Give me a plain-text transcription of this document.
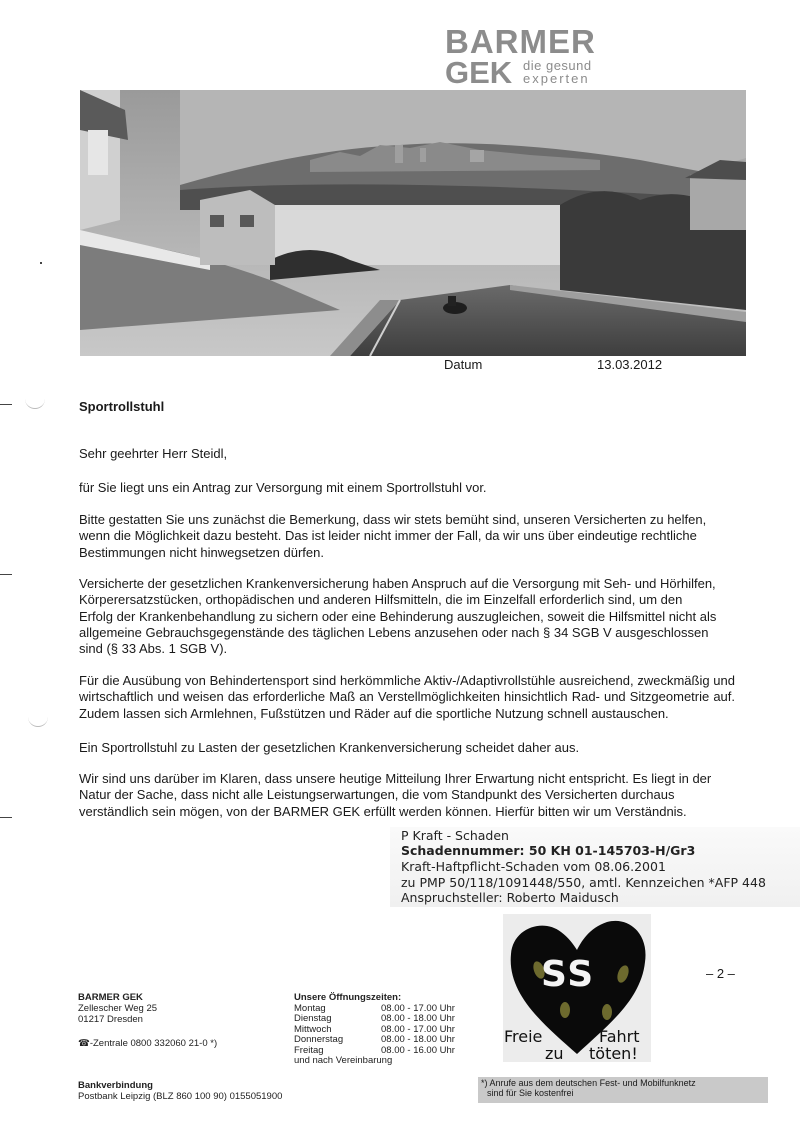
BARMER
GEK die gesund
experten
Datum	13.03.2012
Sportrollstuhl
Sehr geehrter Herr Steidl,
für Sie liegt uns ein Antrag zur Versorgung mit einem Sportrollstuhl vor.
Bitte gestatten Sie uns zunächst die Bemerkung, dass wir stets bemüht sind, unseren Versicherten zu helfen, wenn die Möglichkeit dazu besteht. Das ist leider nicht immer der Fall, da wir uns über eindeutige rechtliche Bestimmungen nicht hinwegsetzen dürfen.
Versicherte der gesetzlichen Krankenversicherung haben Anspruch auf die Versorgung mit Seh- und Hörhilfen, Körperersatzstücken, orthopädischen und anderen Hilfsmitteln, die im Einzelfall erforderlich sind, um den Erfolg der Krankenbehandlung zu sichern oder eine Behinderung auszugleichen, soweit die Hilfsmittel nicht als allgemeine Gebrauchsgegenstände des täglichen Lebens anzusehen oder nach § 34 SGB V ausgeschlossen sind (§ 33 Abs. 1 SGB V).
Für die Ausübung von Behindertensport sind herkömmliche Aktiv-/Adaptivrollstühle ausreichend, zweckmäßig und wirtschaftlich und weisen das erforderliche Maß an Verstellmöglichkeiten hinsichtlich Rad- und Sitzgeometrie auf. Zudem lassen sich Armlehnen, Fußstützen und Räder auf die sportliche Nutzung schnell austauschen.
Ein Sportrollstuhl zu Lasten der gesetzlichen Krankenversicherung scheidet daher aus.
Wir sind uns darüber im Klaren, dass unsere heutige Mitteilung Ihrer Erwartung nicht entspricht. Es liegt in der Natur der Sache, dass nicht alle Leistungserwartungen, die vom Standpunkt des Versicherten durchaus verständlich sein mögen, von der BARMER GEK erfüllt werden können. Hierfür bitten wir um Verständnis.
P Kraft - Schaden
Schadennummer: 50 KH 01-145703-H/Gr3
Kraft-Haftpflicht-Schaden vom 08.06.2001
zu PMP 50/118/1091448/550, amtl. Kennzeichen *AFP 448
Anspruchsteller: Roberto Maidusch
SS
Freie	Fahrt
zu töten!
– 2 –
BARMER GEK
Zellescher Weg 25
01217 Dresden
☎-Zentrale 0800 332060 21-0 *)
Unsere Öffnungszeiten:
Montag	08.00 - 17.00 Uhr
Dienstag	08.00 - 18.00 Uhr
Mittwoch	08.00 - 17.00 Uhr
Donnerstag	08.00 - 18.00 Uhr
Freitag	08.00 - 16.00 Uhr
und nach Vereinbarung
Bankverbindung
Postbank Leipzig (BLZ 860 100 90) 0155051900
*) Anrufe aus dem deutschen Fest- und Mobilfunknetz
sind für Sie kostenfrei
